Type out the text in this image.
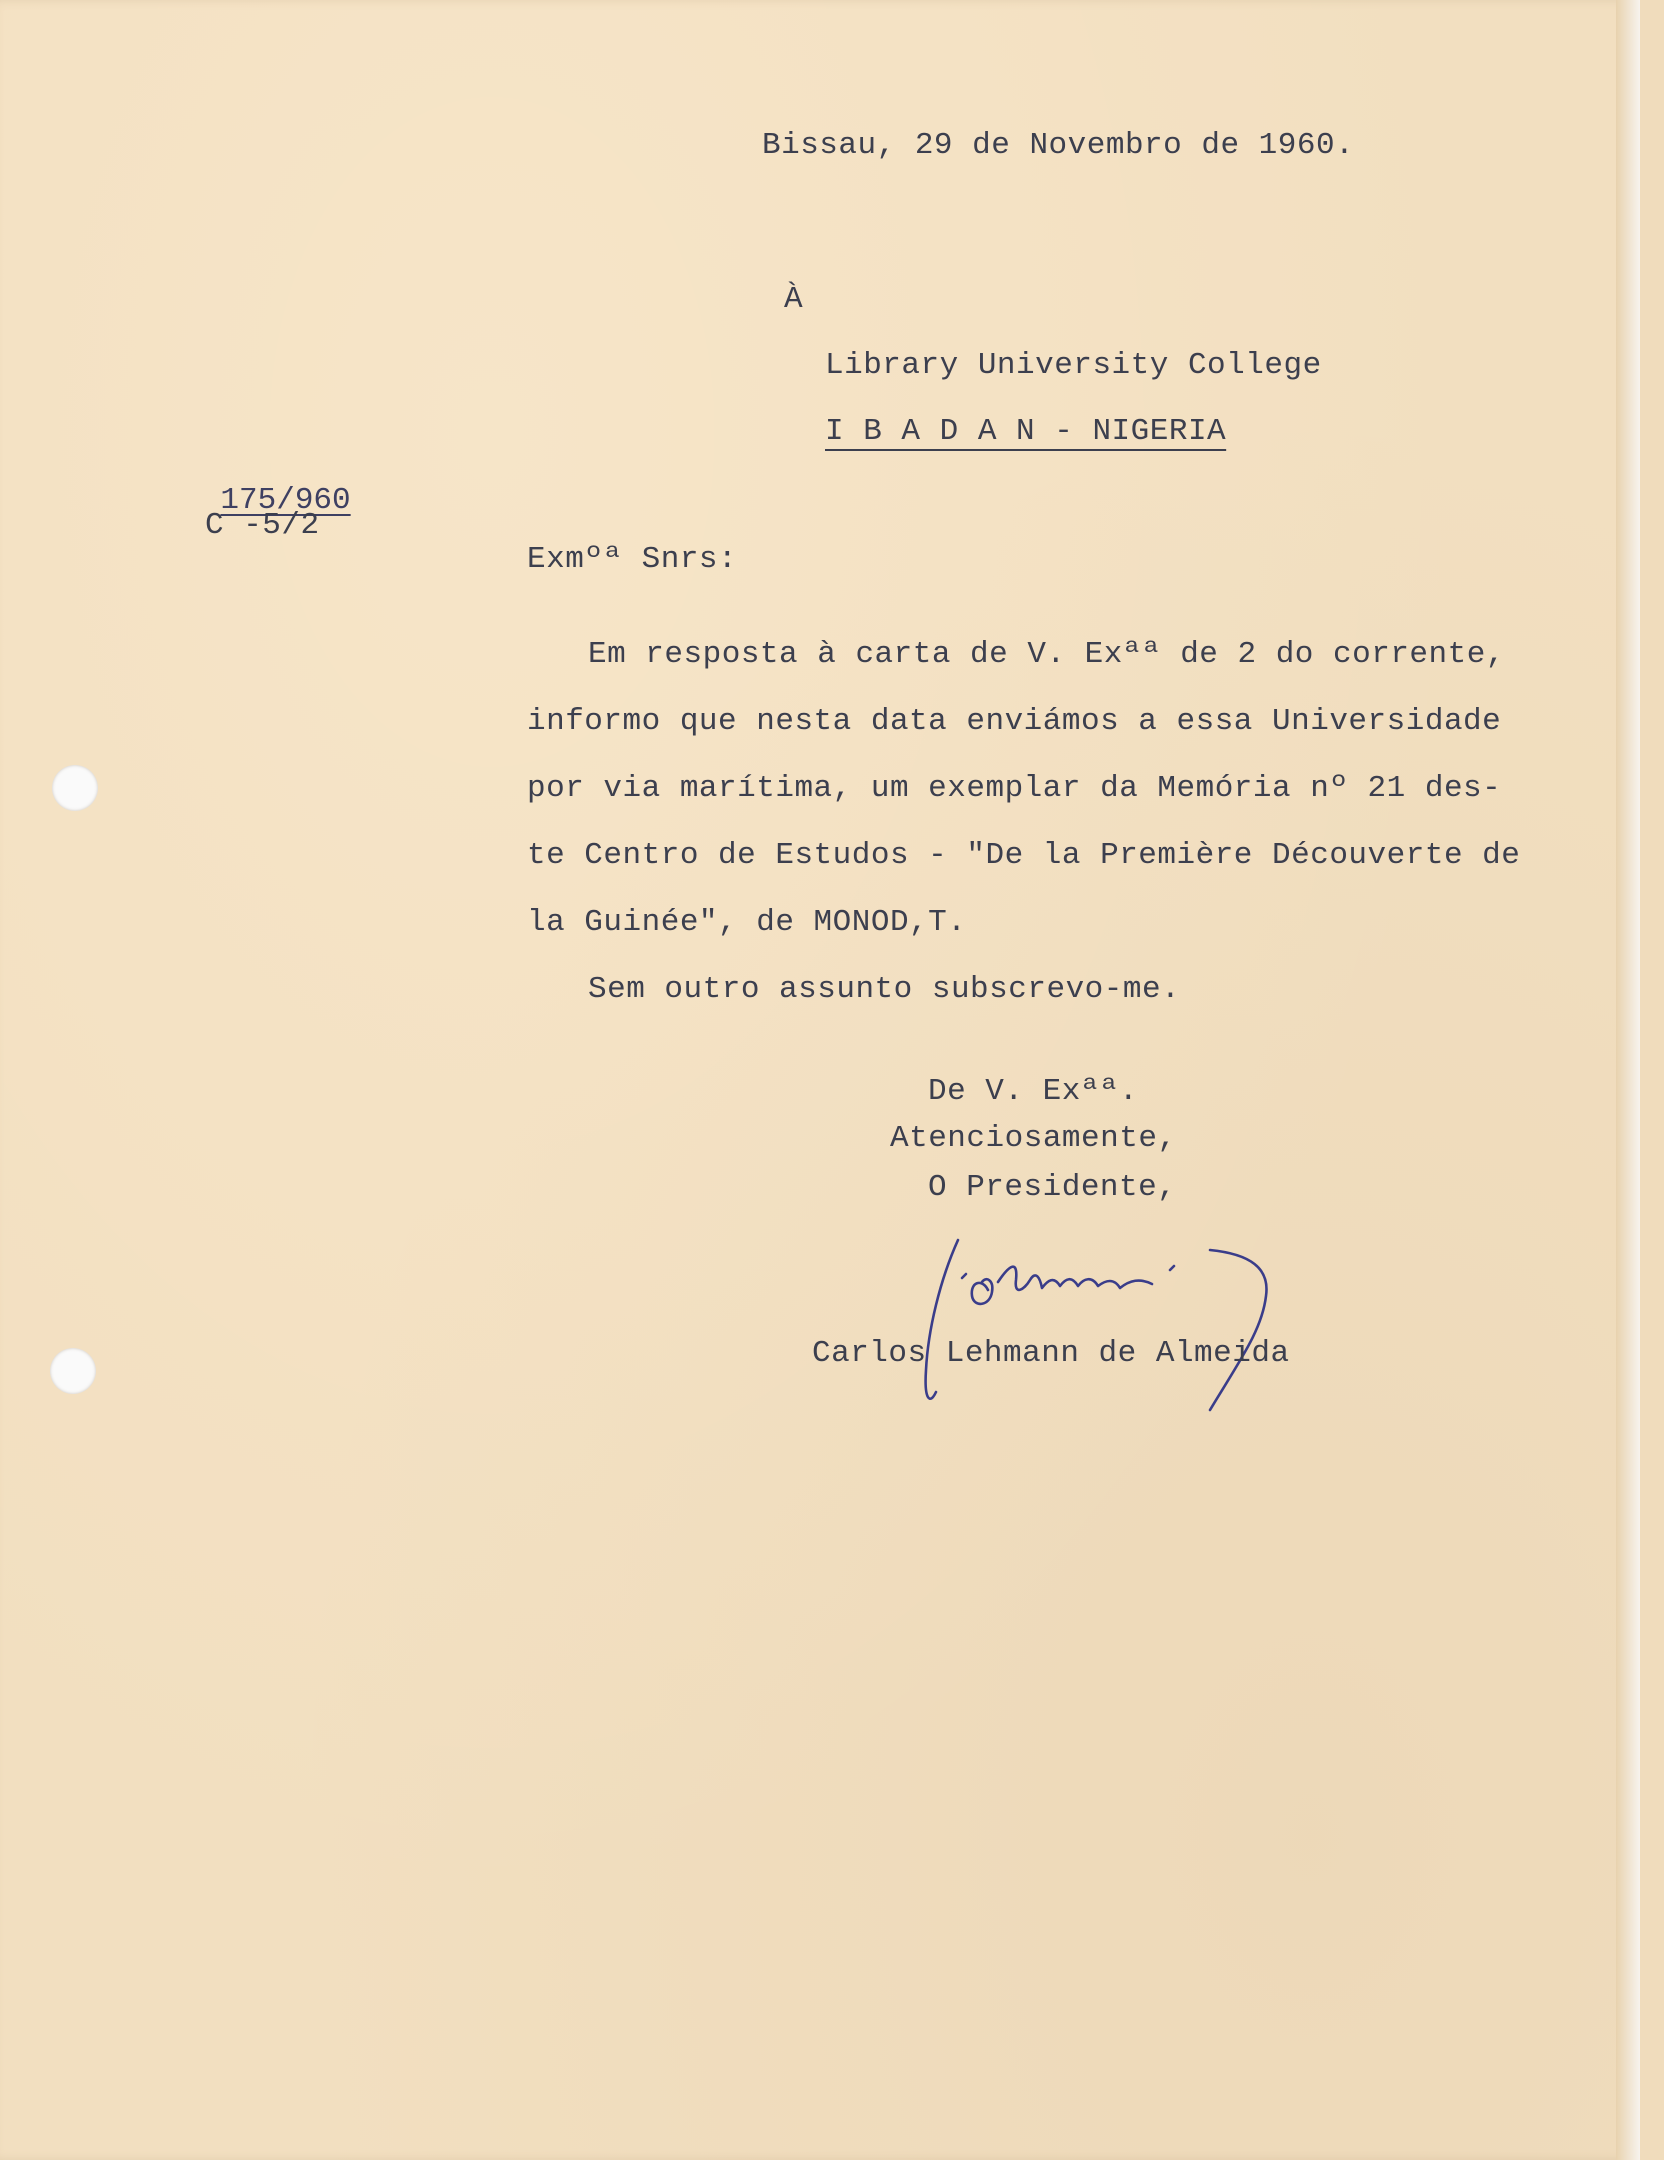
Bissau, 29 de Novembro de 1960.

À

Library University College

I B A D A N - NIGERIA

175/960

C -5/2

Exmºª Snrs:

Em resposta à carta de V. Exªª de 2 do corrente,

informo que nesta data enviámos a essa Universidade

por via marítima, um exemplar da Memória nº 21 des-

te Centro de Estudos - "De la Première Découverte de

la Guinée", de MONOD,T.

Sem outro assunto subscrevo-me.

De V. Exªª.

Atenciosamente,

O Presidente,

Carlos Lehmann de Almeida
